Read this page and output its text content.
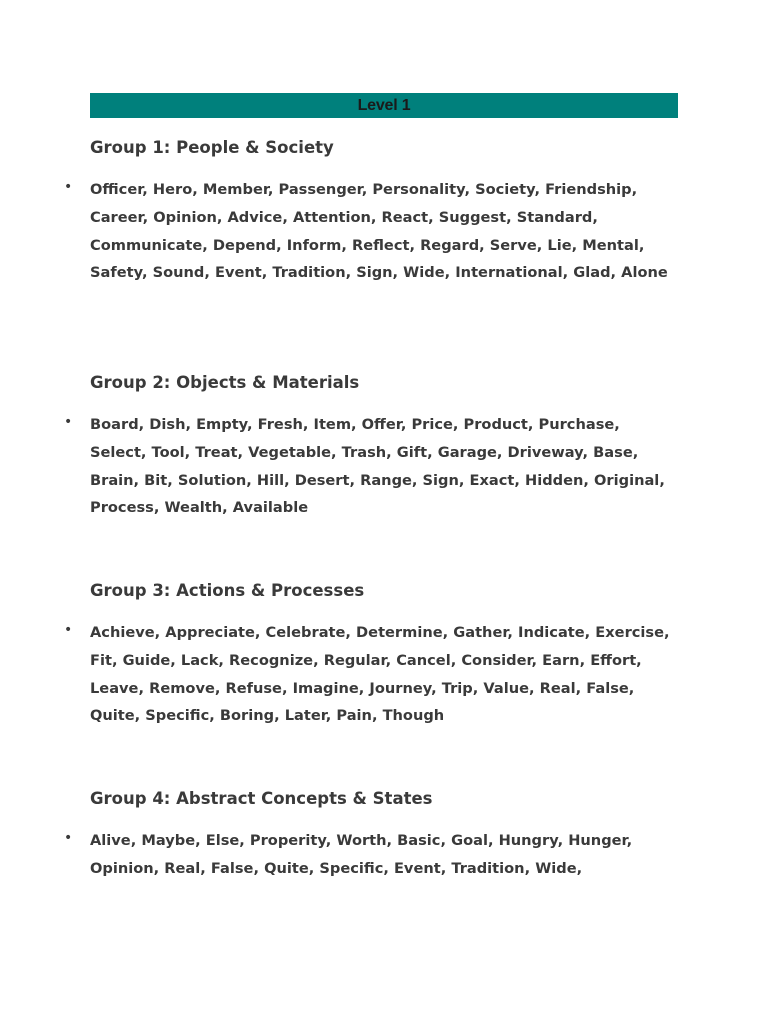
Level 1
Group 1: People & Society
• Officer, Hero, Member, Passenger, Personality, Society, Friendship, Career, Opinion, Advice, Attention, React, Suggest, Standard, Communicate, Depend, Inform, Reflect, Regard, Serve, Lie, Mental, Safety, Sound, Event, Tradition, Sign, Wide, International, Glad, Alone
Group 2: Objects & Materials
• Board, Dish, Empty, Fresh, Item, Offer, Price, Product, Purchase, Select, Tool, Treat, Vegetable, Trash, Gift, Garage, Driveway, Base, Brain, Bit, Solution, Hill, Desert, Range, Sign, Exact, Hidden, Original, Process, Wealth, Available
Group 3: Actions & Processes
• Achieve, Appreciate, Celebrate, Determine, Gather, Indicate, Exercise, Fit, Guide, Lack, Recognize, Regular, Cancel, Consider, Earn, Effort, Leave, Remove, Refuse, Imagine, Journey, Trip, Value, Real, False, Quite, Specific, Boring, Later, Pain, Though
Group 4: Abstract Concepts & States
• Alive, Maybe, Else, Properity, Worth, Basic, Goal, Hungry, Hunger, Opinion, Real, False, Quite, Specific, Event, Tradition, Wide,
